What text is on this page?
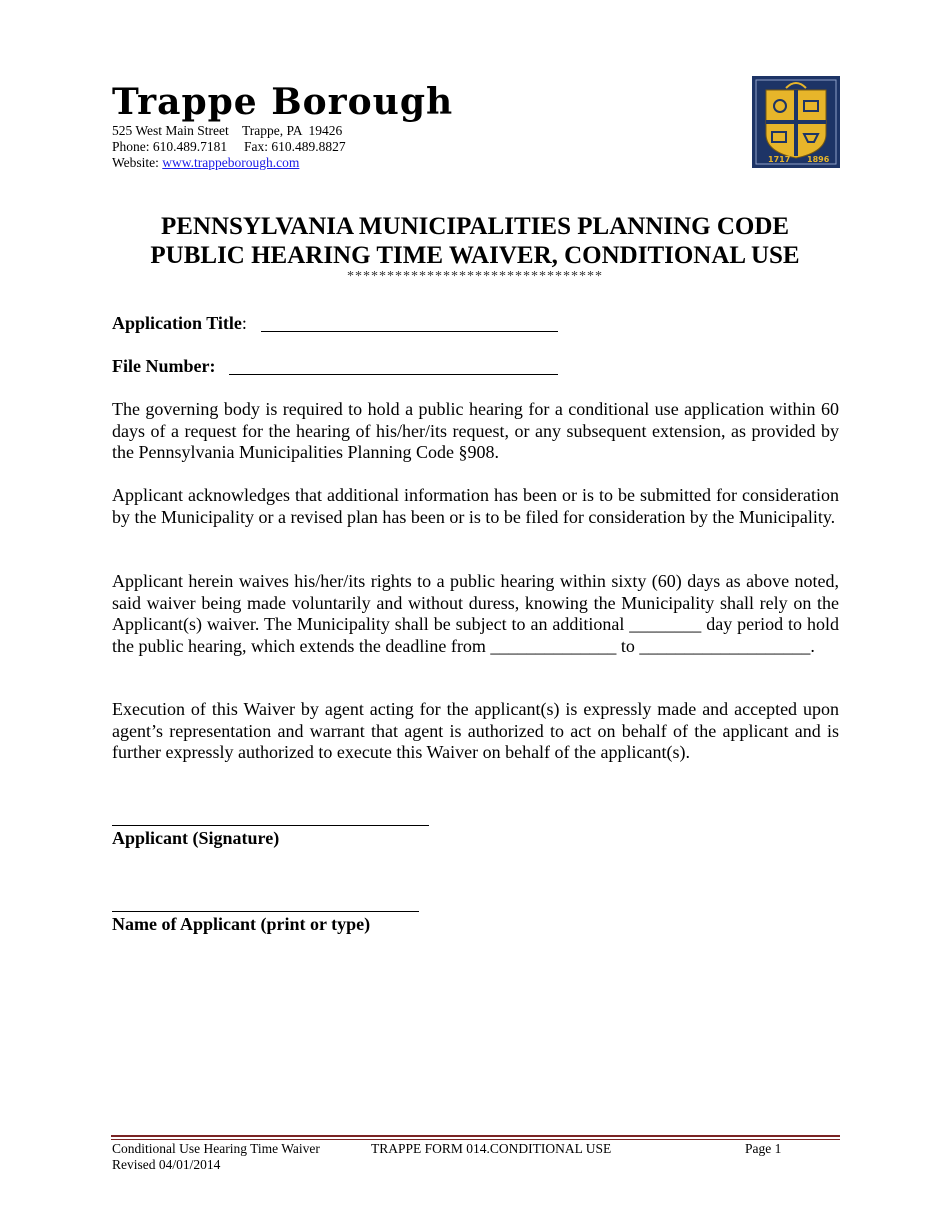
Trappe Borough
525 West Main Street    Trappe, PA  19426
Phone: 610.489.7181     Fax: 610.489.8827
Website: www.trappeborough.com	1717 1896
PENNSYLVANIA MUNICIPALITIES PLANNING CODE
PUBLIC HEARING TIME WAIVER, CONDITIONAL USE
********************************
Application Title:
File Number:

The governing body is required to hold a public hearing for a conditional use application within 60 days of a request for the hearing of his/her/its request, or any subsequent extension, as provided by the Pennsylvania Municipalities Planning Code §908.

Applicant acknowledges that additional information has been or is to be submitted for consideration by the Municipality or a revised plan has been or is to be filed for consideration by the Municipality.

Applicant herein waives his/her/its rights to a public hearing within sixty (60) days as above noted, said waiver being made voluntarily and without duress, knowing the Municipality shall rely on the Applicant(s) waiver. The Municipality shall be subject to an additional ________ day period to hold the public hearing, which extends the deadline from ______________ to ___________________.

Execution of this Waiver by agent acting for the applicant(s) is expressly made and accepted upon agent’s representation and warrant that agent is authorized to act on behalf of the applicant and is further expressly authorized to execute this Waiver on behalf of the applicant(s).

Applicant (Signature)
Name of Applicant (print or type)
Conditional Use Hearing Time Waiver
Revised 04/01/2014
TRAPPE FORM 014.CONDITIONAL USE	Page 1
